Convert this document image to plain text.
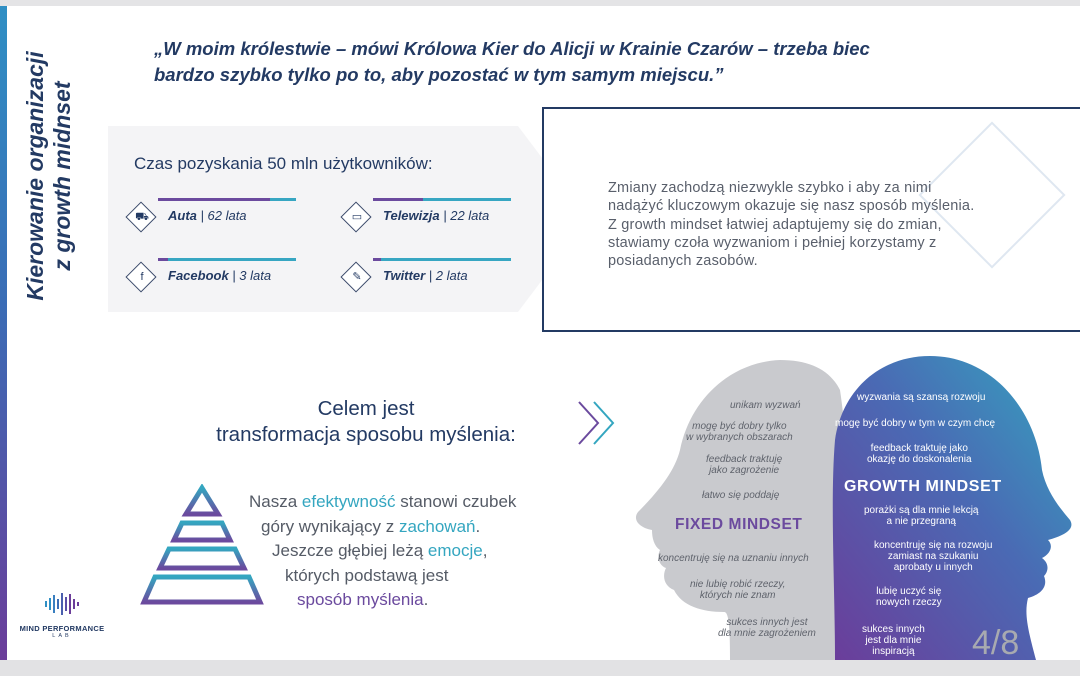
Kierowanie organizacji z growth midnset
„W moim królestwie – mówi Królowa Kier do Alicji w Krainie Czarów – trzeba biec
bardzo szybko tylko po to, aby pozostać w tym samym miejscu.”
Czas pozyskania 50 mln użytkowników:
⛟	Auta | 62 lata	▭	Telewizja | 22 lata
f	Facebook | 3 lata	✎	Twitter | 2 lata
Zmiany zachodzą niezwykle szybko i aby za nimi
nadążyć kluczowym okazuje się nasz sposób myślenia.
Z growth mindset łatwiej adaptujemy się do zmian,
stawiamy czoła wyzwaniom i pełniej korzystamy z
posiadanych zasobów.
Celem jest
transformacja sposobu myślenia:
Nasza efektywność stanowi czubek
góry wynikający z zachowań.
Jeszcze głębiej leżą emocje,
których podstawą jest
sposób myślenia.
MIND PERFORMANCE
LAB
unikam wyzwań
mogę być dobry tylko
w wybranych obszarach
feedback traktuję
jako zagrożenie
łatwo się poddaję
FIXED MINDSET
koncentruję się na uznaniu innych
nie lubię robić rzeczy,
których nie znam
sukces innych jest
dla mnie zagrożeniem
wyzwania są szansą rozwoju
mogę być dobry w tym w czym chcę
feedback traktuję jako
okazję do doskonalenia
GROWTH MINDSET
porażki są dla mnie lekcją
a nie przegraną
koncentruję się na rozwoju
zamiast na szukaniu
aprobaty u innych
lubię uczyć się
nowych rzeczy
sukces innych
jest dla mnie
inspiracją	4/8
